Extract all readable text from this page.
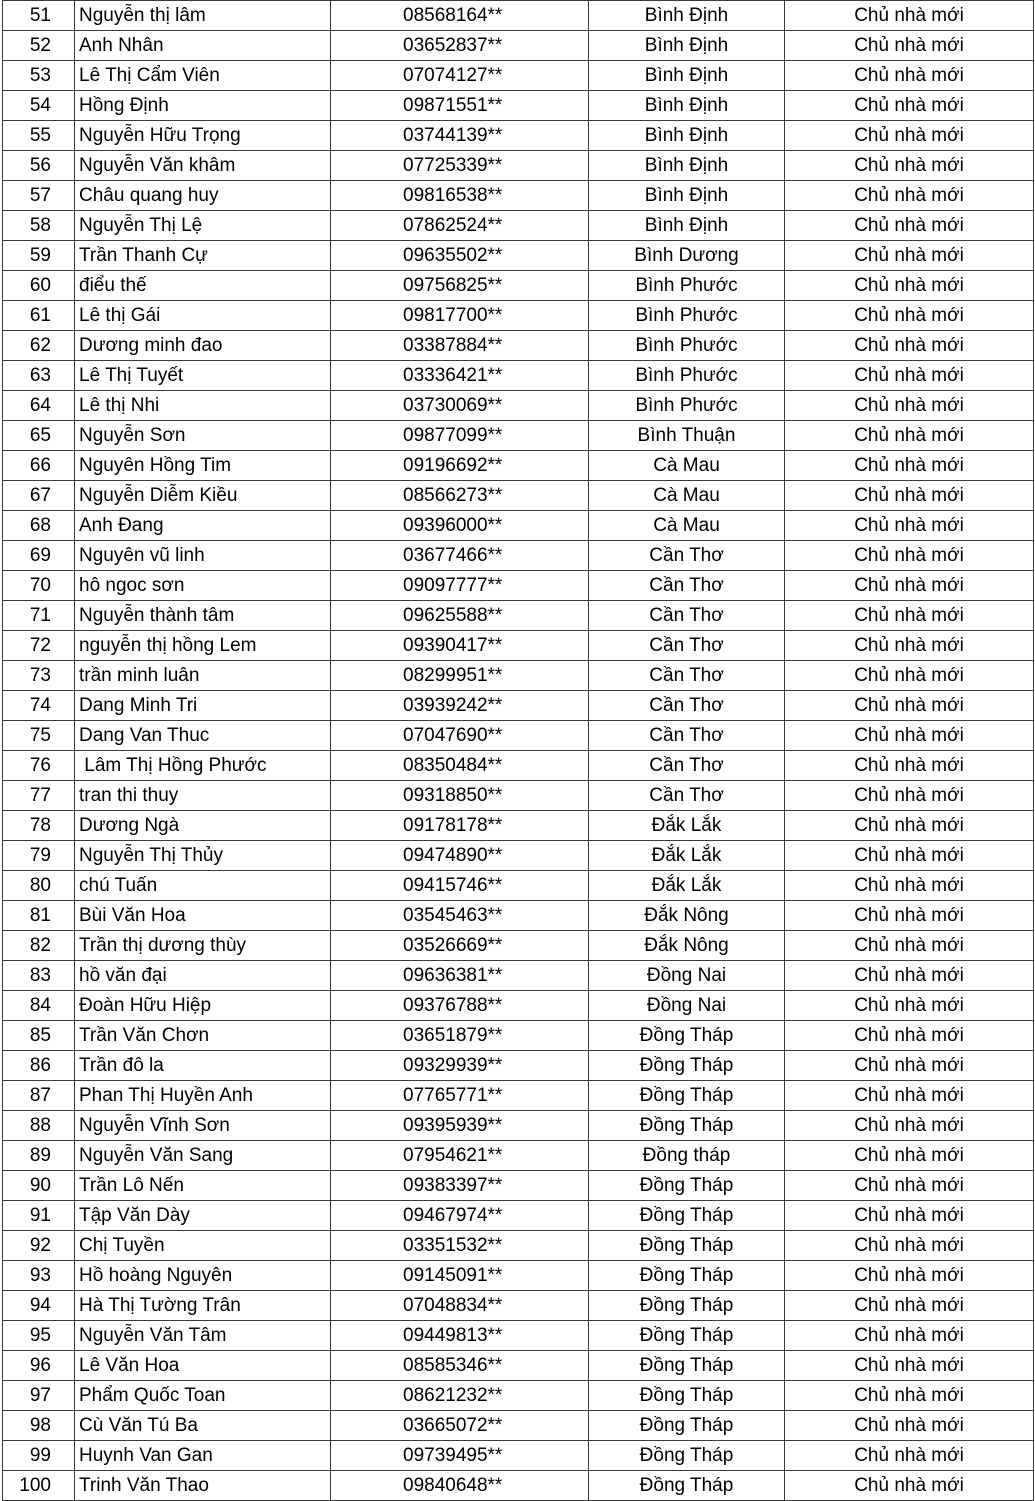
51	Nguyễn thị lâm	08568164**	Bình Định	Chủ nhà mới
52	Anh Nhân	03652837**	Bình Định	Chủ nhà mới
53	Lê Thị Cẩm Viên	07074127**	Bình Định	Chủ nhà mới
54	Hồng Định	09871551**	Bình Định	Chủ nhà mới
55	Nguyễn Hữu Trọng	03744139**	Bình Định	Chủ nhà mới
56	Nguyễn Văn khâm	07725339**	Bình Định	Chủ nhà mới
57	Châu quang huy	09816538**	Bình Định	Chủ nhà mới
58	Nguyễn Thị Lệ	07862524**	Bình Định	Chủ nhà mới
59	Trần Thanh Cự	09635502**	Bình Dương	Chủ nhà mới
60	điểu thế	09756825**	Bình Phước	Chủ nhà mới
61	Lê thị Gái	09817700**	Bình Phước	Chủ nhà mới
62	Dương minh đao	03387884**	Bình Phước	Chủ nhà mới
63	Lê Thị Tuyết	03336421**	Bình Phước	Chủ nhà mới
64	Lê thị Nhi	03730069**	Bình Phước	Chủ nhà mới
65	Nguyễn Sơn	09877099**	Bình Thuận	Chủ nhà mới
66	Nguyên Hồng Tim	09196692**	Cà Mau	Chủ nhà mới
67	Nguyễn Diễm Kiều	08566273**	Cà Mau	Chủ nhà mới
68	Anh Đang	09396000**	Cà Mau	Chủ nhà mới
69	Nguyên vũ linh	03677466**	Cần Thơ	Chủ nhà mới
70	hô ngoc sơn	09097777**	Cần Thơ	Chủ nhà mới
71	Nguyễn thành tâm	09625588**	Cần Thơ	Chủ nhà mới
72	nguyễn thị hồng Lem	09390417**	Cần Thơ	Chủ nhà mới
73	trần minh luân	08299951**	Cần Thơ	Chủ nhà mới
74	Dang Minh Tri	03939242**	Cần Thơ	Chủ nhà mới
75	Dang Van Thuc	07047690**	Cần Thơ	Chủ nhà mới
76	Lâm Thị Hồng Phước	08350484**	Cần Thơ	Chủ nhà mới
77	tran thi thuy	09318850**	Cần Thơ	Chủ nhà mới
78	Dương Ngà	09178178**	Đắk Lắk	Chủ nhà mới
79	Nguyễn Thị Thủy	09474890**	Đắk Lắk	Chủ nhà mới
80	chú Tuấn	09415746**	Đắk Lắk	Chủ nhà mới
81	Bùi Văn Hoa	03545463**	Đắk Nông	Chủ nhà mới
82	Trần thị dương thùy	03526669**	Đắk Nông	Chủ nhà mới
83	hồ văn đại	09636381**	Đồng Nai	Chủ nhà mới
84	Đoàn Hữu Hiệp	09376788**	Đồng Nai	Chủ nhà mới
85	Trần Văn Chơn	03651879**	Đồng Tháp	Chủ nhà mới
86	Trần đô la	09329939**	Đồng Tháp	Chủ nhà mới
87	Phan Thị Huyền Anh	07765771**	Đồng Tháp	Chủ nhà mới
88	Nguyễn Vĩnh Sơn	09395939**	Đồng Tháp	Chủ nhà mới
89	Nguyễn Văn Sang	07954621**	Đồng tháp	Chủ nhà mới
90	Trần Lô Nến	09383397**	Đồng Tháp	Chủ nhà mới
91	Tập Văn Dày	09467974**	Đồng Tháp	Chủ nhà mới
92	Chị Tuyền	03351532**	Đồng Tháp	Chủ nhà mới
93	Hồ hoàng Nguyên	09145091**	Đồng Tháp	Chủ nhà mới
94	Hà Thị Tường Trân	07048834**	Đồng Tháp	Chủ nhà mới
95	Nguyễn Văn Tâm	09449813**	Đồng Tháp	Chủ nhà mới
96	Lê Văn Hoa	08585346**	Đồng Tháp	Chủ nhà mới
97	Phẩm Quốc Toan	08621232**	Đồng Tháp	Chủ nhà mới
98	Cù Văn Tú Ba	03665072**	Đồng Tháp	Chủ nhà mới
99	Huynh Van Gan	09739495**	Đồng Tháp	Chủ nhà mới
100	Trinh Văn Thao	09840648**	Đồng Tháp	Chủ nhà mới
